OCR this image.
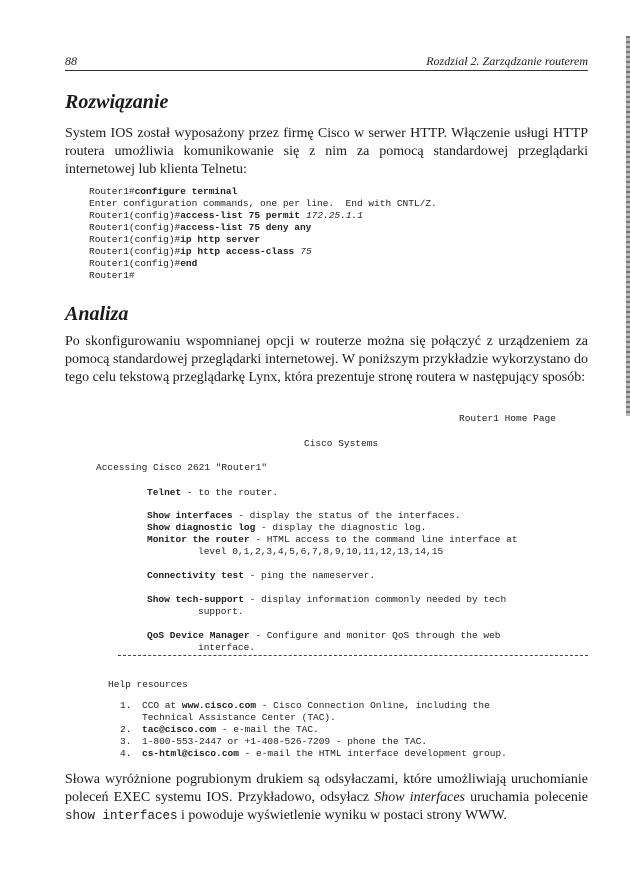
88	Rozdział 2. Zarządzanie routerem
Rozwiązanie

System IOS został wyposażony przez firmę Cisco w serwer HTTP. Włączenie usługi HTTP routera umożliwia komunikowanie się z nim za pomocą standardowej przeglądarki internetowej lub klienta Telnetu:

Router1#configure terminal
Enter configuration commands, one per line.  End with CNTL/Z.
Router1(config)#access-list 75 permit 172.25.1.1
Router1(config)#access-list 75 deny any
Router1(config)#ip http server
Router1(config)#ip http access-class 75
Router1(config)#end
Router1#
Analiza

Po skonfigurowaniu wspomnianej opcji w routerze można się połączyć z urządzeniem za pomocą standardowej przeglądarki internetowej. W poniższym przykładzie wykorzystano do tego celu tekstową przeglądarkę Lynx, która prezentuje stronę routera w następujący sposób:

Router1 Home Page
Cisco Systems
Accessing Cisco 2621 "Router1"
Telnet - to the router.
Show interfaces - display the status of the interfaces.
Show diagnostic log - display the diagnostic log.
Monitor the router - HTML access to the command line interface at
level 0,1,2,3,4,5,6,7,8,9,10,11,12,13,14,15
Connectivity test - ping the nameserver.
Show tech-support - display information commonly needed by tech
support.
QoS Device Manager - Configure and monitor QoS through the web
interface.
Help resources
1. CCO at www.cisco.com - Cisco Connection Online, including the
Technical Assistance Center (TAC).
2. tac@cisco.com - e-mail the TAC.
3. 1-800-553-2447 or +1-408-526-7209 - phone the TAC.
4. cs-html@cisco.com - e-mail the HTML interface development group.

Słowa wyróżnione pogrubionym drukiem są odsyłaczami, które umożliwiają uruchomianie poleceń EXEC systemu IOS. Przykładowo, odsyłacz Show interfaces uruchamia polecenie show interfaces i powoduje wyświetlenie wyniku w postaci strony WWW.
